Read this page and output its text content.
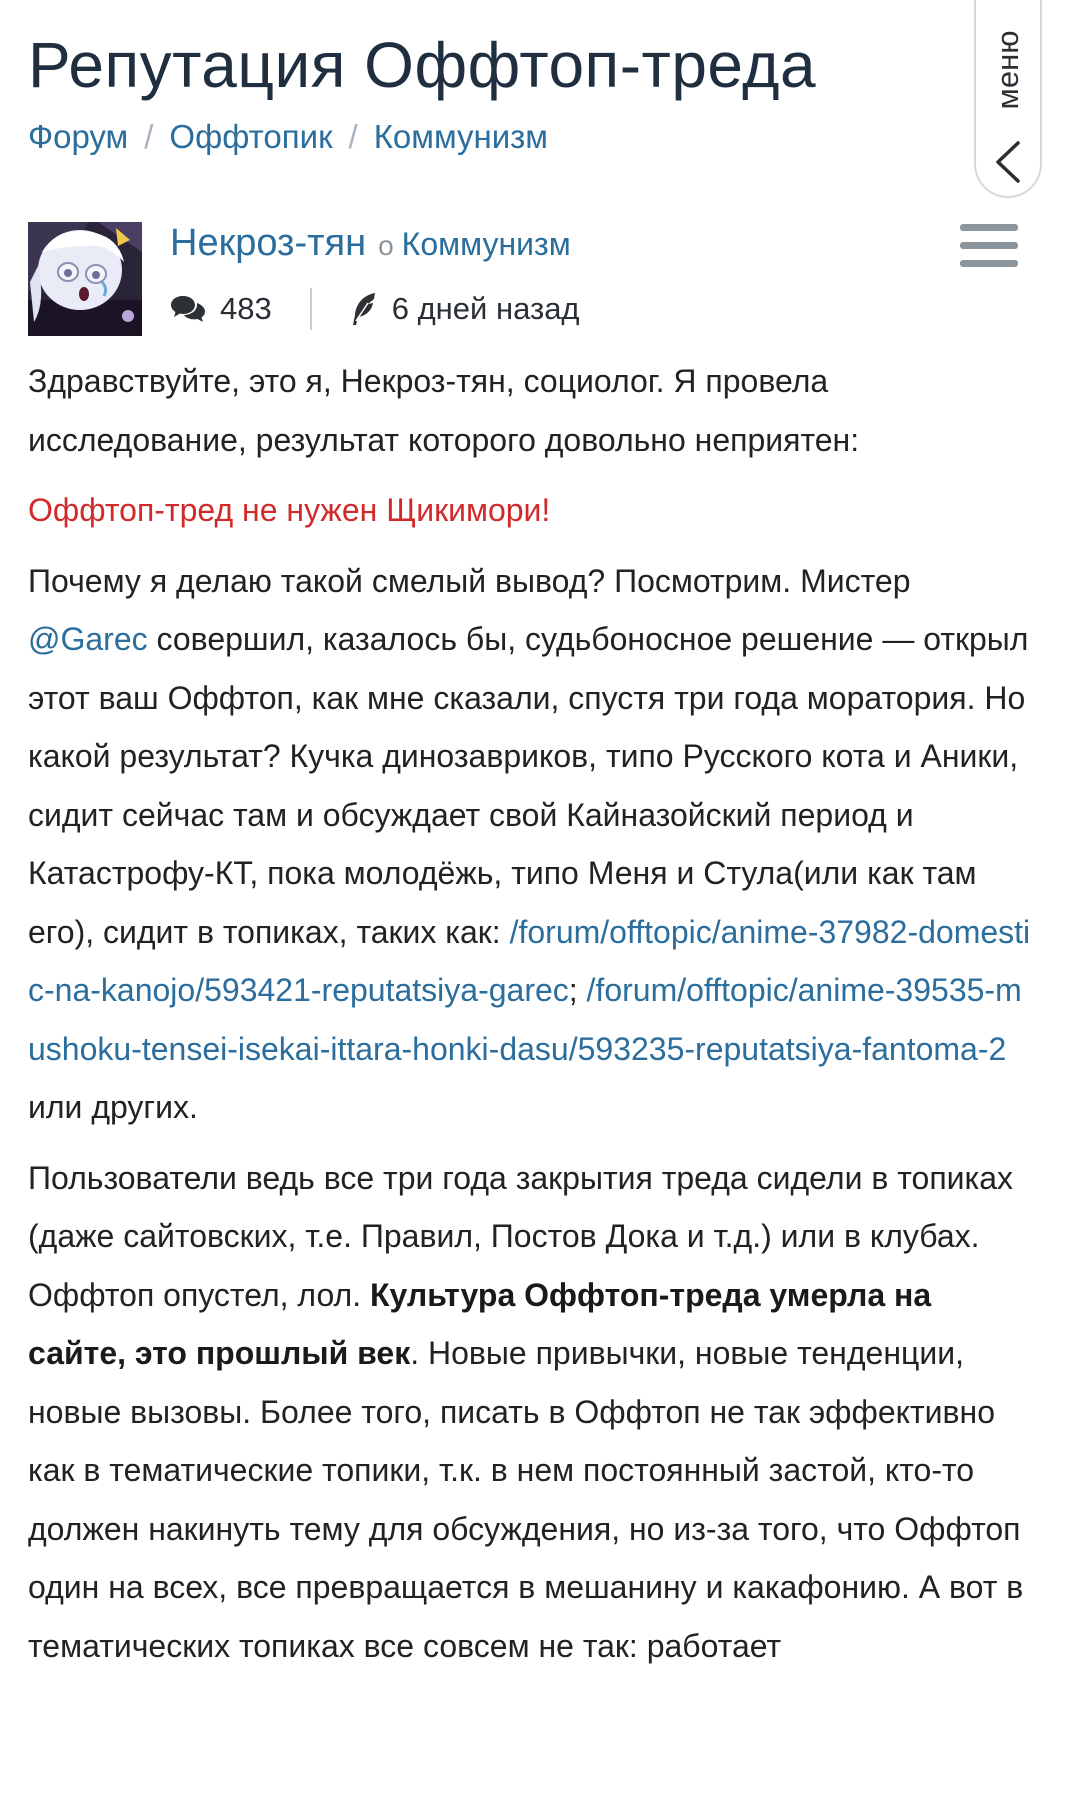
Репутация Оффтоп-треда
Форум / Оффтопик / Коммунизм
Некроз-тян о Коммунизм
483	6 дней назад

Здравствуйте, это я, Некроз-тян, социолог. Я провела исследование, результат которого довольно неприятен:

Оффтоп-тред не нужен Щикимори!

Почему я делаю такой смелый вывод? Посмотрим. Мистер @Garec совершил, казалось бы, судьбоносное решение — открыл этот ваш Оффтоп, как мне сказали, спустя три года моратория. Но какой результат? Кучка динозавриков, типо Русского кота и Аники, сидит сейчас там и обсуждает свой Кайназойский период и Катастрофу-КТ, пока молодёжь, типо Меня и Стула(или как там его), сидит в топиках, таких как: /forum/offtopic/anime-37982-domestic-na-kanojo/593421-reputatsiya-garec; /forum/offtopic/anime-39535-mushoku-tensei-isekai-ittara-honki-dasu/593235-reputatsiya-fantoma-2 или других.

Пользователи ведь все три года закрытия треда сидели в топиках (даже сайтовских, т.е. Правил, Постов Дока и т.д.) или в клубах. Оффтоп опустел, лол. Культура Оффтоп-треда умерла на сайте, это прошлый век. Новые привычки, новые тенденции, новые вызовы. Более того, писать в Оффтоп не так эффективно как в тематические топики, т.к. в нем постоянный застой, кто-то должен накинуть тему для обсуждения, но из-за того, что Оффтоп один на всех, все превращается в мешанину и какафонию. А вот в тематических топиках все совсем не так: работает

меню
